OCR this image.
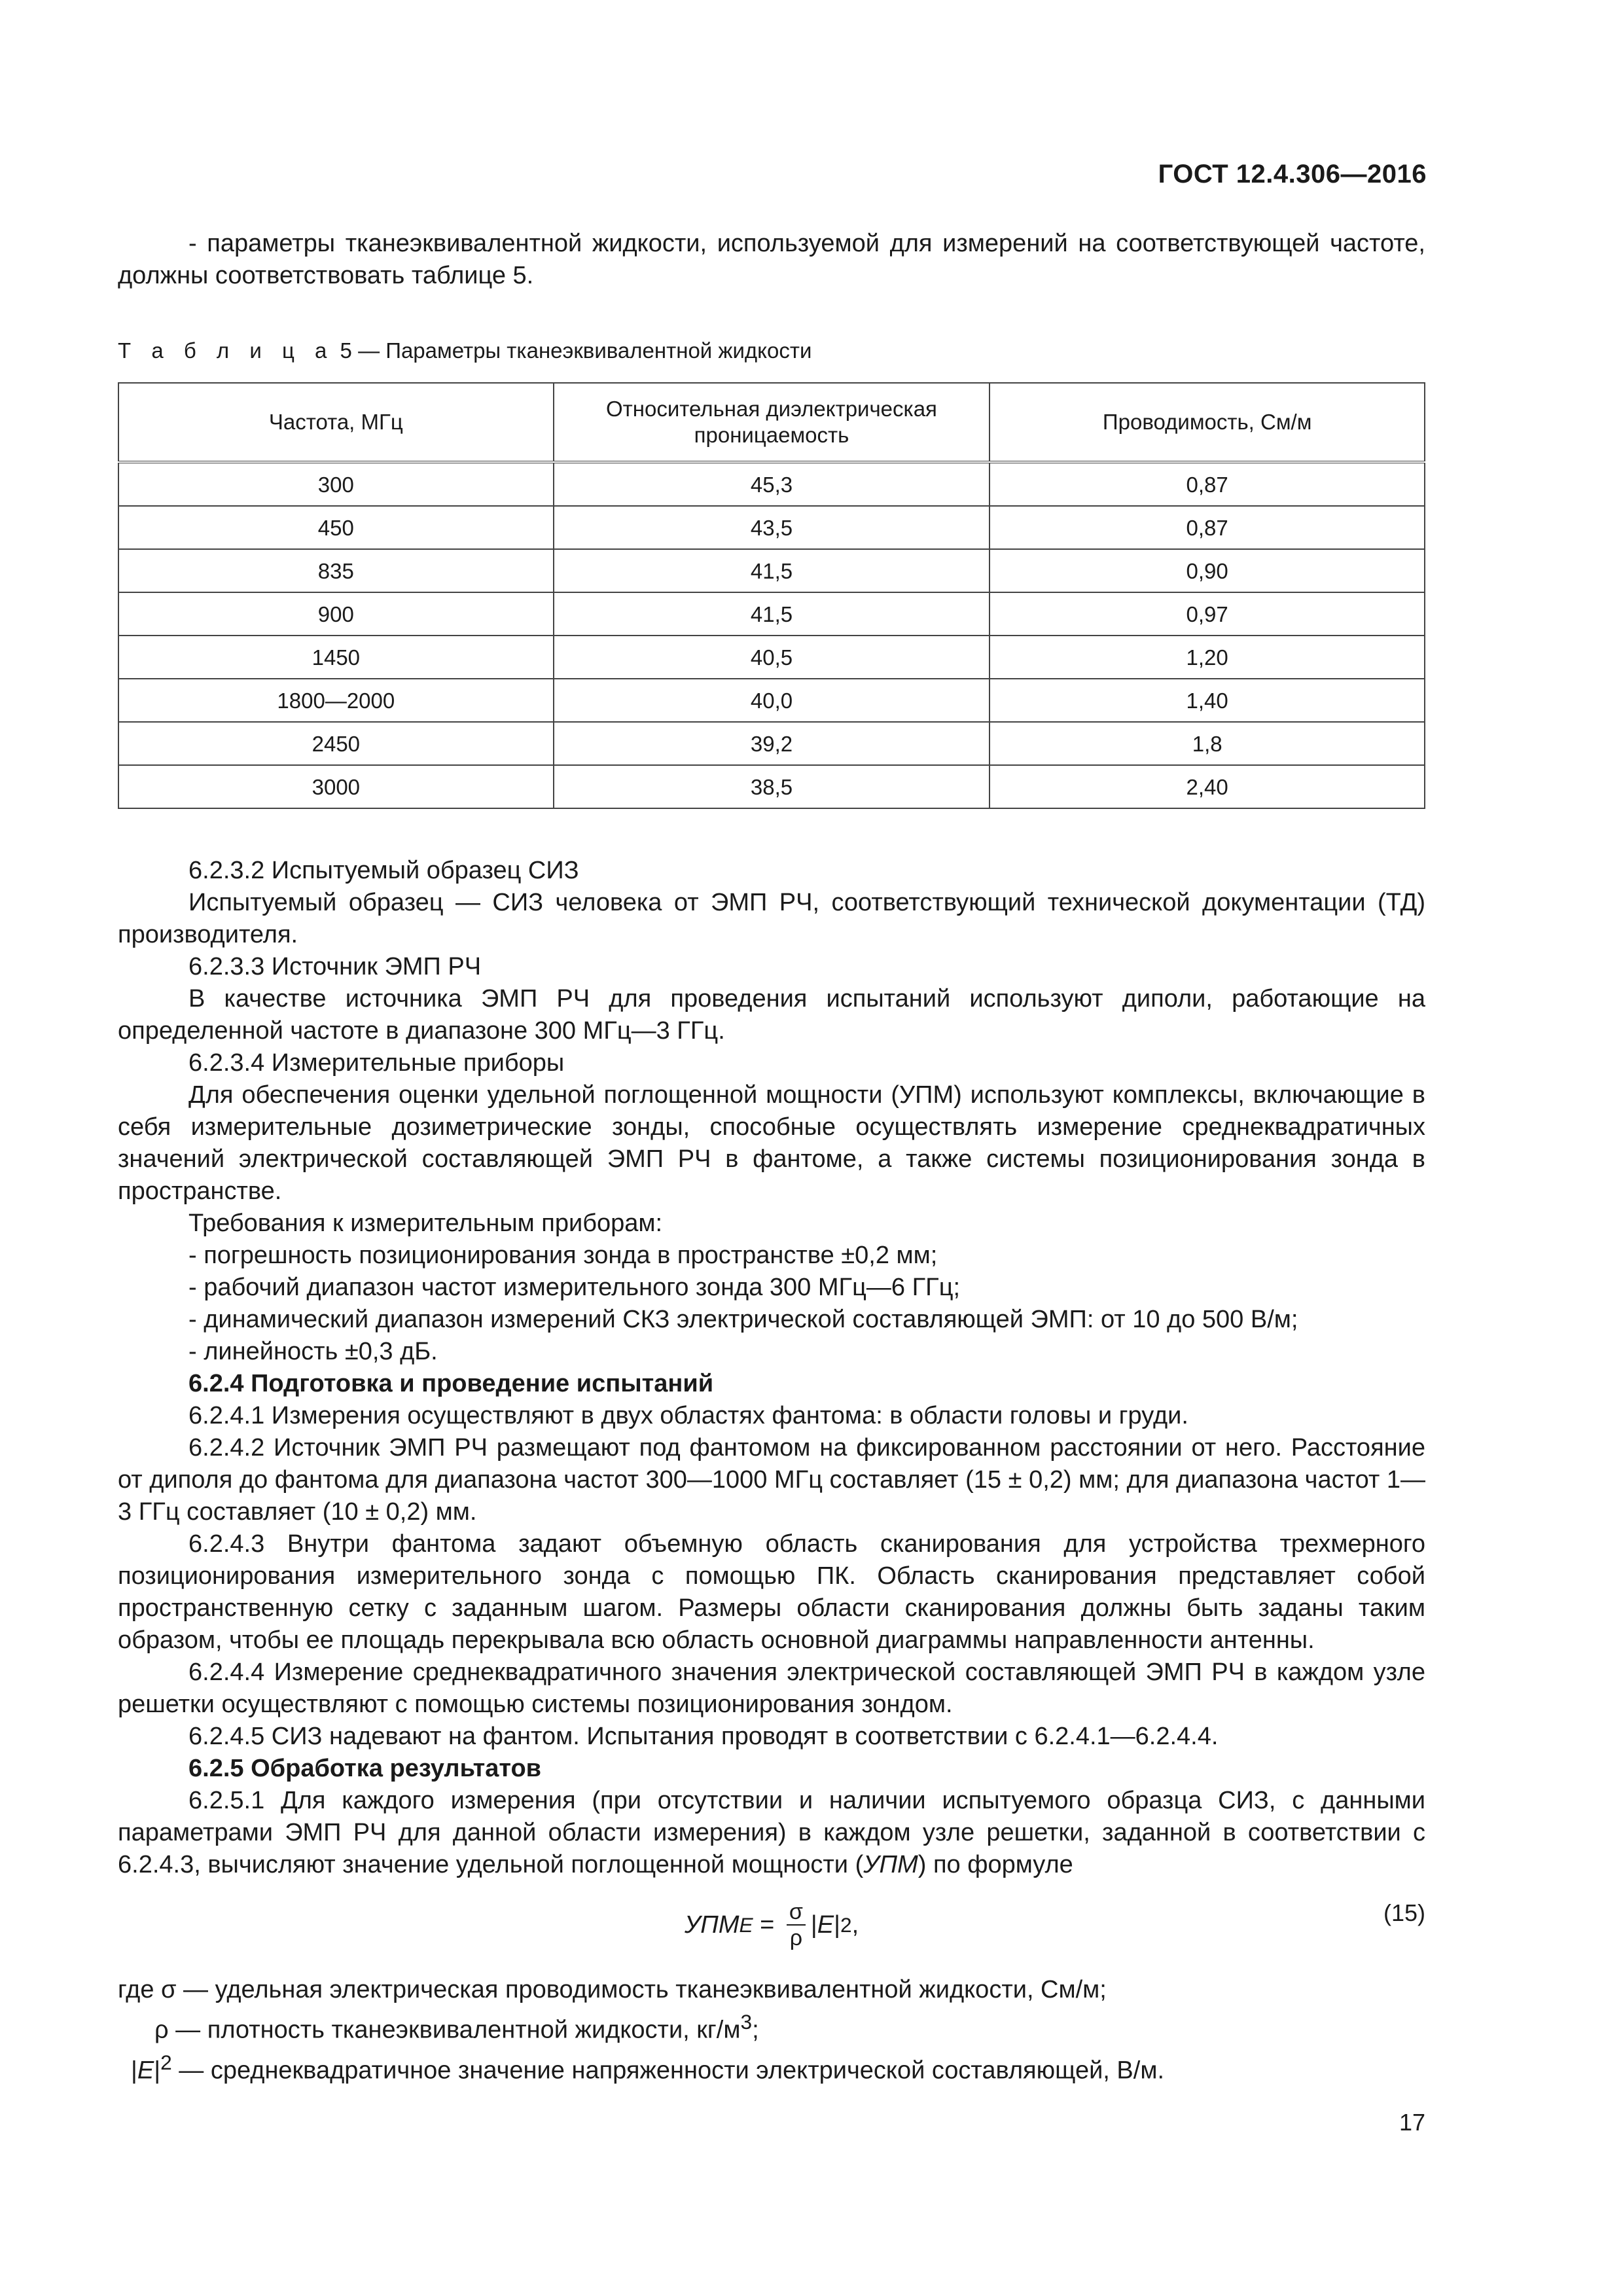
ГОСТ 12.4.306—2016

- параметры тканеэквивалентной жидкости, используемой для измерений на соответствующей частоте, должны соответствовать таблице 5.

Т а б л и ц а 5 — Параметры тканеэквивалентной жидкости

Частота, МГц	Относительная диэлектрическая проницаемость	Проводимость, См/м
300	45,3	0,87
450	43,5	0,87
835	41,5	0,90
900	41,5	0,97
1450	40,5	1,20
1800—2000	40,0	1,40
2450	39,2	1,8
3000	38,5	2,40

6.2.3.2 Испытуемый образец СИЗ

Испытуемый образец — СИЗ человека от ЭМП РЧ, соответствующий технической документации (ТД) производителя.

6.2.3.3 Источник ЭМП РЧ

В качестве источника ЭМП РЧ для проведения испытаний используют диполи, работающие на определенной частоте в диапазоне 300 МГц—3 ГГц.

6.2.3.4 Измерительные приборы

Для обеспечения оценки удельной поглощенной мощности (УПМ) используют комплексы, включающие в себя измерительные дозиметрические зонды, способные осуществлять измерение среднеквадратичных значений электрической составляющей ЭМП РЧ в фантоме, а также системы позиционирования зонда в пространстве.

Требования к измерительным приборам:

- погрешность позиционирования зонда в пространстве ±0,2 мм;

- рабочий диапазон частот измерительного зонда 300 МГц—6 ГГц;

- динамический диапазон измерений СКЗ электрической составляющей ЭМП: от 10 до 500 В/м;

- линейность ±0,3 дБ.

6.2.4 Подготовка и проведение испытаний

6.2.4.1 Измерения осуществляют в двух областях фантома: в области головы и груди.

6.2.4.2 Источник ЭМП РЧ размещают под фантомом на фиксированном расстоянии от него. Расстояние от диполя до фантома для диапазона частот 300—1000 МГц составляет (15 ± 0,2) мм; для диапазона частот 1—3 ГГц составляет (10 ± 0,2) мм.

6.2.4.3 Внутри фантома задают объемную область сканирования для устройства трехмерного позиционирования измерительного зонда с помощью ПК. Область сканирования представляет собой пространственную сетку с заданным шагом. Размеры области сканирования должны быть заданы таким образом, чтобы ее площадь перекрывала всю область основной диаграммы направленности антенны.

6.2.4.4 Измерение среднеквадратичного значения электрической составляющей ЭМП РЧ в каждом узле решетки осуществляют с помощью системы позиционирования зондом.

6.2.4.5 СИЗ надевают на фантом. Испытания проводят в соответствии с 6.2.4.1—6.2.4.4.

6.2.5 Обработка результатов

6.2.5.1 Для каждого измерения (при отсутствии и наличии испытуемого образца СИЗ, с данными параметрами ЭМП РЧ для данной области измерения) в каждом узле решетки, заданной в соответствии с 6.2.4.3, вычисляют значение удельной поглощенной мощности (УПМ) по формуле

УПМ $E = \frac{\sigma}{\rho}$ | E | 2 ,	(15)

где σ — удельная электрическая проводимость тканеэквивалентной жидкости, См/м;

ρ — плотность тканеэквивалентной жидкости, $кг/м^3$;

$|E|^2$ — среднеквадратичное значение напряженности электрической составляющей, В/м.

17
